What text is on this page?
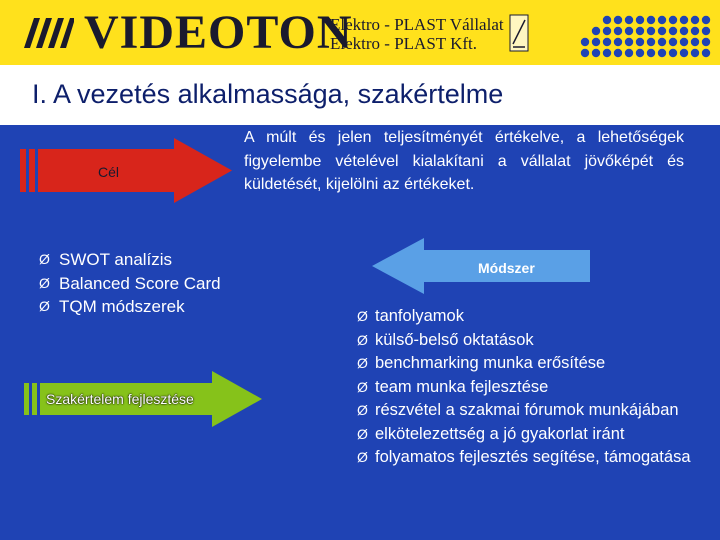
VIDEOTON
Elektro - PLAST Vállalat
Elektro - PLAST Kft.
I. A vezetés alkalmassága, szakértelme
Cél
A múlt és jelen teljesítményét értékelve, a lehetőségek figyelembe vételével kialakítani a vállalat jövőképét és küldetését, kijelölni az értékeket.
Ø SWOT analízis
Ø Balanced Score Card
Ø TQM módszerek
Szakértelem fejlesztése
Módszer
Ø tanfolyamok
Ø külső-belső oktatások
Ø benchmarking munka erősítése
Ø team munka fejlesztése
Ø részvétel a szakmai fórumok munkájában
Ø elkötelezettség a jó gyakorlat iránt
Ø folyamatos fejlesztés segítése, támogatása
